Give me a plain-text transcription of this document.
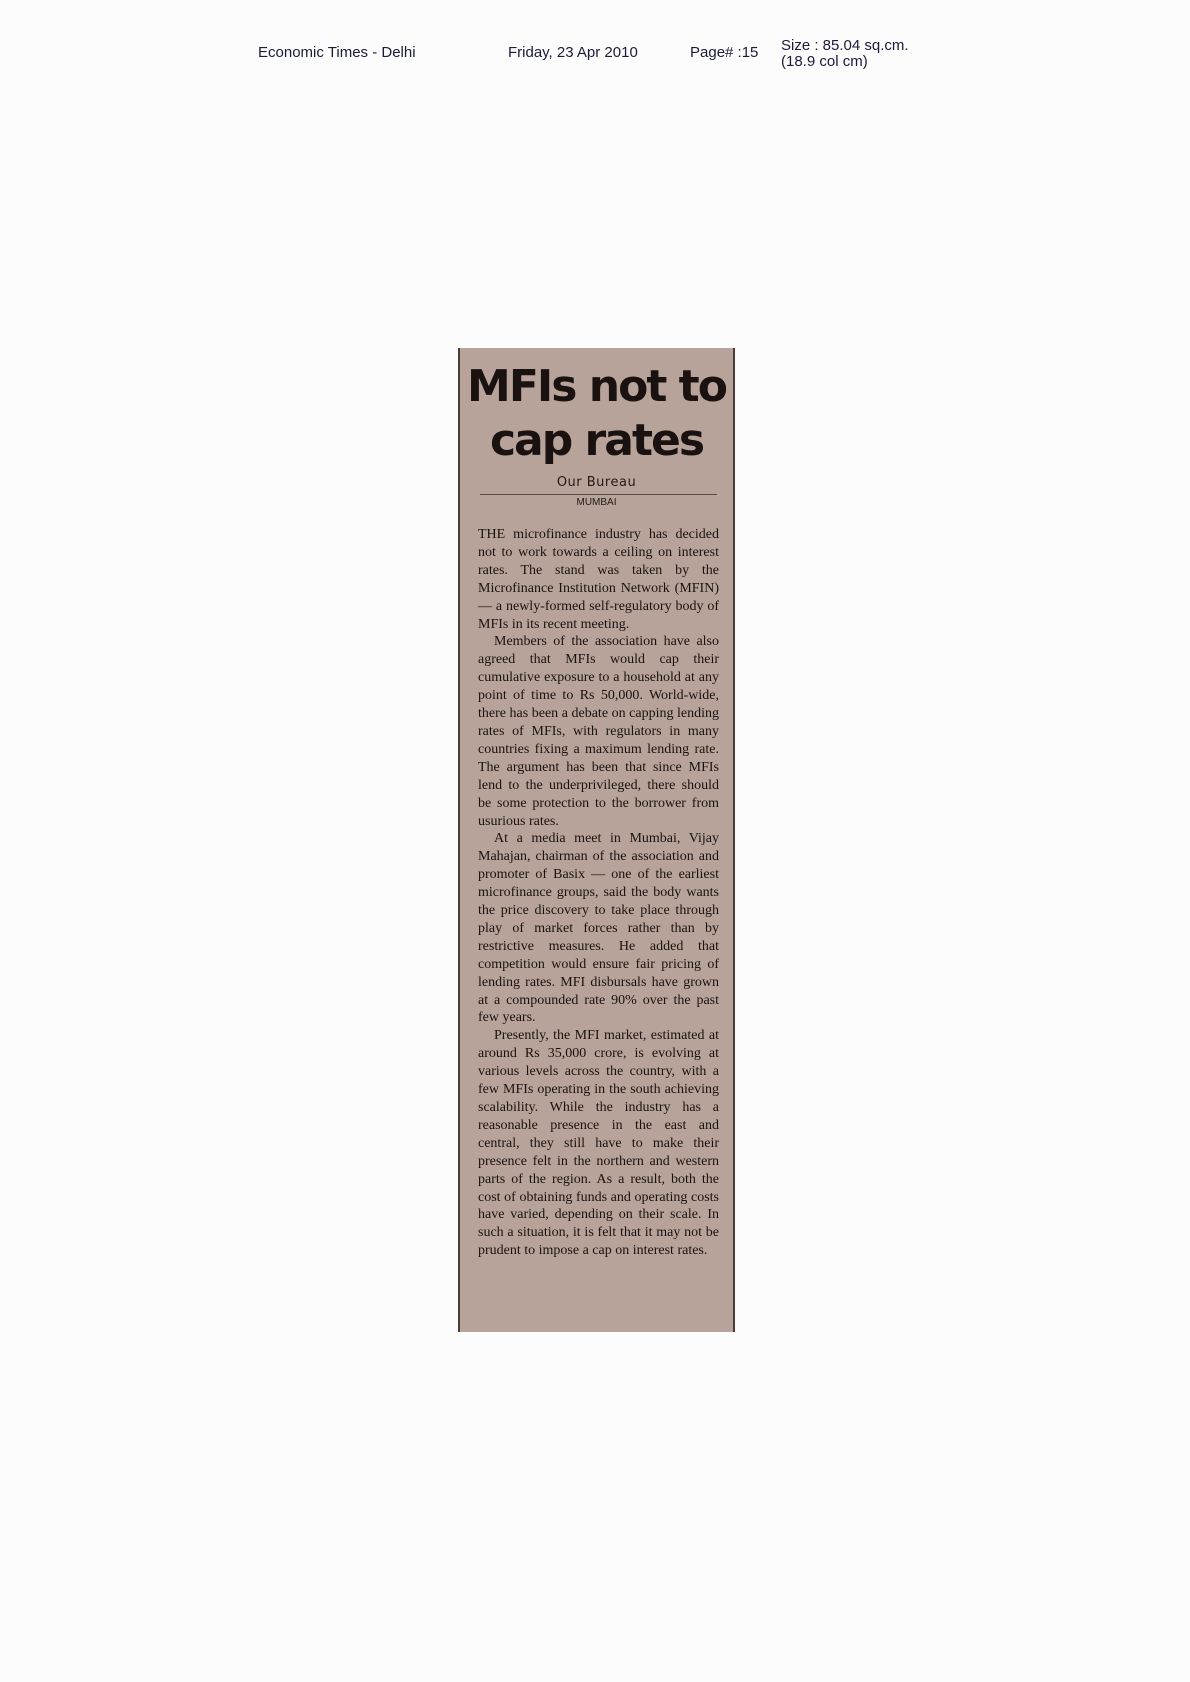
Economic Times - Delhi	Friday, 23 Apr 2010	Page# :15 Size : 85.04 sq.cm.
(18.9 col cm)
MFIs not to
cap rates
Our Bureau
MUMBAI

THE microfinance industry has decided not to work towards a ceiling on interest rates. The stand was taken by the Microfinance Institution Network (MFIN) — a newly-formed self-regulatory body of MFIs in its recent meeting.

Members of the association have also agreed that MFIs would cap their cumulative exposure to a household at any point of time to Rs 50,000. World-wide, there has been a debate on capping lending rates of MFIs, with regulators in many countries fixing a maximum lending rate. The argument has been that since MFIs lend to the underprivileged, there should be some protection to the borrower from usurious rates.

At a media meet in Mumbai, Vijay Mahajan, chairman of the association and promoter of Basix — one of the earliest microfinance groups, said the body wants the price discovery to take place through play of market forces rather than by restrictive measures. He added that competition would ensure fair pricing of lending rates. MFI disbursals have grown at a compounded rate 90% over the past few years.

Presently, the MFI market, estimated at around Rs 35,000 crore, is evolving at various levels across the country, with a few MFIs operating in the south achieving scalability. While the industry has a reasonable presence in the east and central, they still have to make their presence felt in the northern and western parts of the region. As a result, both the cost of obtaining funds and operating costs have varied, depending on their scale. In such a situation, it is felt that it may not be prudent to impose a cap on interest rates.
